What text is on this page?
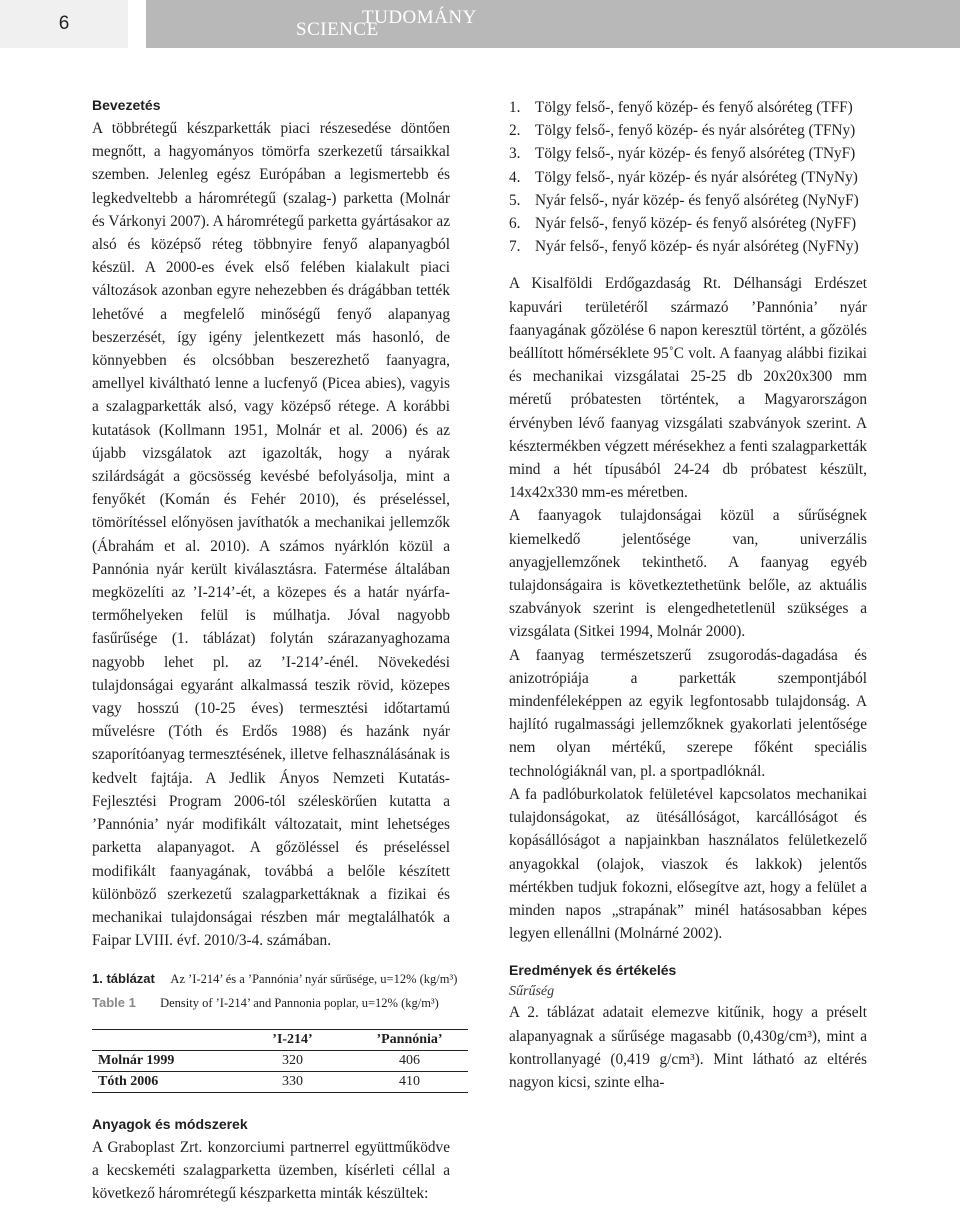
6	TUDOMÁNY
SCIENCE
Bevezetés

A többrétegű készparketták piaci részesedése döntően megnőtt, a hagyományos tömörfa szerkezetű társaikkal szemben. Jelenleg egész Európában a legismertebb és legkedveltebb a háromrétegű (szalag-) parketta (Molnár és Várkonyi 2007). A háromrétegű parketta gyártásakor az alsó és középső réteg többnyire fenyő alapanyagból készül. A 2000-es évek első felében kialakult piaci változások azonban egyre nehezebben és drágábban tették lehetővé a megfelelő minőségű fenyő alapanyag beszerzését, így igény jelentkezett más hasonló, de könnyebben és olcsóbban beszerezhető faanyagra, amellyel kiváltható lenne a lucfenyő (Picea abies), vagyis a szalagparketták alsó, vagy középső rétege. A korábbi kutatások (Kollmann 1951, Molnár et al. 2006) és az újabb vizsgálatok azt igazolták, hogy a nyárak szilárdságát a göcsösség kevésbé befolyásolja, mint a fenyőkét (Komán és Fehér 2010), és préseléssel, tömörítéssel előnyösen javíthatók a mechanikai jellemzők (Ábrahám et al. 2010). A számos nyárklón közül a Pannónia nyár került kiválasztásra. Fatermése általában megközelíti az ’I-214’-ét, a közepes és a határ nyárfa-termőhelyeken felül is múlhatja. Jóval nagyobb fasűrűsége (1. táblázat) folytán szárazanyaghozama nagyobb lehet pl. az ’I-214’-énél. Növekedési tulajdonságai egyaránt alkalmassá teszik rövid, közepes vagy hosszú (10-25 éves) termesztési időtartamú művelésre (Tóth és Erdős 1988) és hazánk nyár szaporítóanyag termesztésének, illetve felhasználásának is kedvelt fajtája. A Jedlik Ányos Nemzeti Kutatás-Fejlesztési Program 2006-tól széleskörűen kutatta a ’Pannónia’ nyár modifikált változatait, mint lehetséges parketta alapanyagot. A gőzöléssel és préseléssel modifikált faanyagának, továbbá a belőle készített különböző szerkezetű szalagparkettáknak a fizikai és mechanikai tulajdonságai részben már megtalálhatók a Faipar LVIII. évf. 2010/3-4. számában.

1. táblázat Az ’I-214’ és a ’Pannónia’ nyár sűrűsége, u=12% (kg/m³)
Table 1 Density of ’I-214’ and Pannonia poplar, u=12% (kg/m³)
	’I-214’	’Pannónia’
Molnár 1999	320	406
Tóth 2006	330	410
Anyagok és módszerek

A Graboplast Zrt. konzorciumi partnerrel együttműködve a kecskeméti szalagparketta üzemben, kísérleti céllal a következő háromrétegű készparketta minták készültek:

1. Tölgy felső-, fenyő közép- és fenyő alsóréteg (TFF)
2. Tölgy felső-, fenyő közép- és nyár alsóréteg (TFNy)
3. Tölgy felső-, nyár közép- és fenyő alsóréteg (TNyF)
4. Tölgy felső-, nyár közép- és nyár alsóréteg (TNyNy)
5. Nyár felső-, nyár közép- és fenyő alsóréteg (NyNyF)
6. Nyár felső-, fenyő közép- és fenyő alsóréteg (NyFF)
7. Nyár felső-, fenyő közép- és nyár alsóréteg (NyFNy)

A Kisalföldi Erdőgazdaság Rt. Délhansági Erdészet kapuvári területéről származó ’Pannónia’ nyár faanyagának gőzölése 6 napon keresztül történt, a gőzölés beállított hőmérséklete 95˚C volt. A faanyag alábbi fizikai és mechanikai vizsgálatai 25-25 db 20x20x300 mm méretű próbatesten történtek, a Magyarországon érvényben lévő faanyag vizsgálati szabványok szerint. A késztermékben végzett mérésekhez a fenti szalagparketták mind a hét típusából 24-24 db próbatest készült, 14x42x330 mm-es méretben.

A faanyagok tulajdonságai közül a sűrűségnek kiemelkedő jelentősége van, univerzális anyagjellemzőnek tekinthető. A faanyag egyéb tulajdonságaira is következtethetünk belőle, az aktuális szabványok szerint is elengedhetetlenül szükséges a vizsgálata (Sitkei 1994, Molnár 2000).

A faanyag természetszerű zsugorodás-dagadása és anizotrópiája a parketták szempontjából mindenféleképpen az egyik legfontosabb tulajdonság. A hajlító rugalmassági jellemzőknek gyakorlati jelentősége nem olyan mértékű, szerepe főként speciális technológiáknál van, pl. a sportpadlóknál.

A fa padlóburkolatok felületével kapcsolatos mechanikai tulajdonságokat, az ütésállóságot, karcállóságot és kopásállóságot a napjainkban használatos felületkezelő anyagokkal (olajok, viaszok és lakkok) jelentős mértékben tudjuk fokozni, elősegítve azt, hogy a felület a minden napos „strapának” minél hatásosabban képes legyen ellenállni (Molnárné 2002).

Eredmények és értékelés
Sűrűség

A 2. táblázat adatait elemezve kitűnik, hogy a préselt alapanyagnak a sűrűsége magasabb (0,430g/cm³), mint a kontrollanyagé (0,419 g/cm³). Mint látható az eltérés nagyon kicsi, szinte elha-
